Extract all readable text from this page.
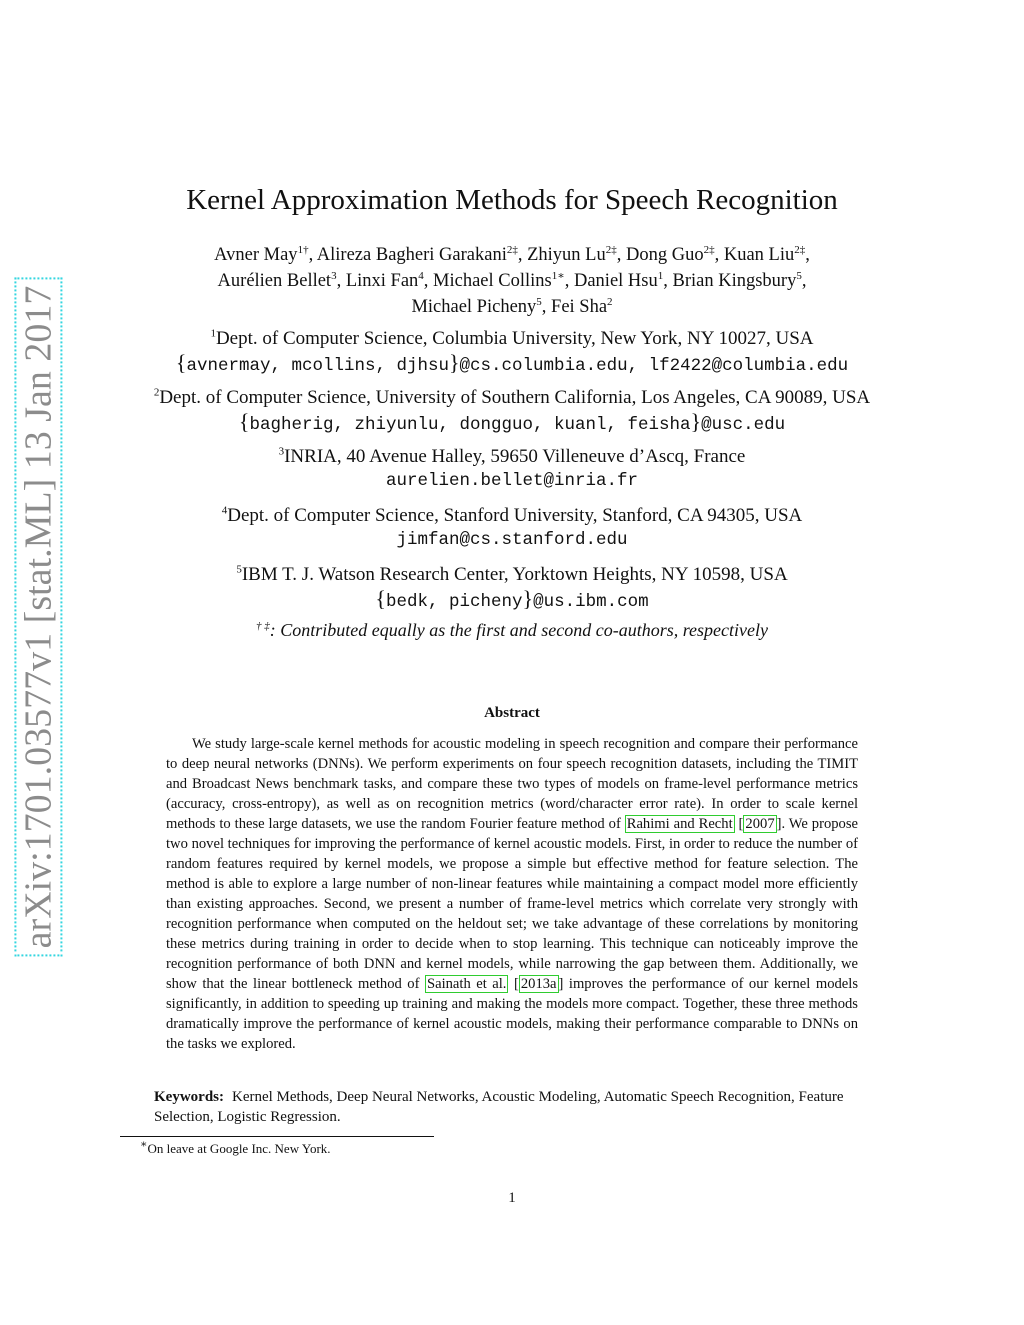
arXiv:1701.03577v1 [stat.ML] 13 Jan 2017
Kernel Approximation Methods for Speech Recognition
Avner May$^{1\dagger}$, Alireza Bagheri Garakani$^{2\ddagger}$, Zhiyun $Lu^{2\ddagger}$, Dong Guo$^{2\ddagger}$, Kuan Liu$^{2\ddagger}$,
Aurélien Bellet$^3$, Linxi Fan$^4$, Michael Collins$^{1∗}$, Daniel Hsu$^1$, Brian Kingsbury$^5$,
Michael Picheny$^5$, Fei Sha$^2$
$^1$Dept. of Computer Science, Columbia University, New York, NY 10027, USA
{avnermay, mcollins, djhsu}@cs.columbia.edu, lf2422@columbia.edu
$^2$Dept. of Computer Science, University of Southern California, Los Angeles, CA 90089, USA
{bagherig, zhiyunlu, dongguo, kuanl, feisha}@usc.edu
$^3$INRIA, 40 Avenue Halley, 59650 Villeneuve d’Ascq, France
aurelien.bellet@inria.fr
$^4$Dept. of Computer Science, Stanford University, Stanford, CA 94305, USA
jimfan@cs.stanford.edu
$^5$IBM T. J. Watson Research Center, Yorktown Heights, NY 10598, USA
{bedk, picheny}@us.ibm.com
† ‡: Contributed equally as the first and second co-authors, respectively
Abstract
We study large-scale kernel methods for acoustic modeling in speech recognition and compare their performance to deep neural networks (DNNs). We perform experiments on four speech recognition datasets, including the TIMIT and Broadcast News benchmark tasks, and compare these two types of models on frame-level performance metrics (accuracy, cross-entropy), as well as on recognition metrics (word/character error rate). In order to scale kernel methods to these large datasets, we use the random Fourier feature method of Rahimi and Recht [ 2007 ]. We propose two novel techniques for improving the performance of kernel acoustic models. First, in order to reduce the number of random features required by kernel models, we propose a simple but effective method for feature selection. The method is able to explore a large number of non-linear features while maintaining a compact model more efficiently than existing approaches. Second, we present a number of frame-level metrics which correlate very strongly with recognition performance when computed on the heldout set; we take advantage of these correlations by monitoring these metrics during training in order to decide when to stop learning. This technique can noticeably improve the recognition performance of both DNN and kernel models, while narrowing the gap between them. Additionally, we show that the linear bottleneck method of Sainath et al. [ 2013a ] improves the performance of our kernel models significantly, in addition to speeding up training and making the models more compact. Together, these three methods dramatically improve the performance of kernel acoustic models, making their performance comparable to DNNs on the tasks we explored.
Keywords: Kernel Methods, Deep Neural Networks, Acoustic Modeling, Automatic Speech Recognition, Feature Selection, Logistic Regression.
∗On leave at Google Inc. New York.
1
